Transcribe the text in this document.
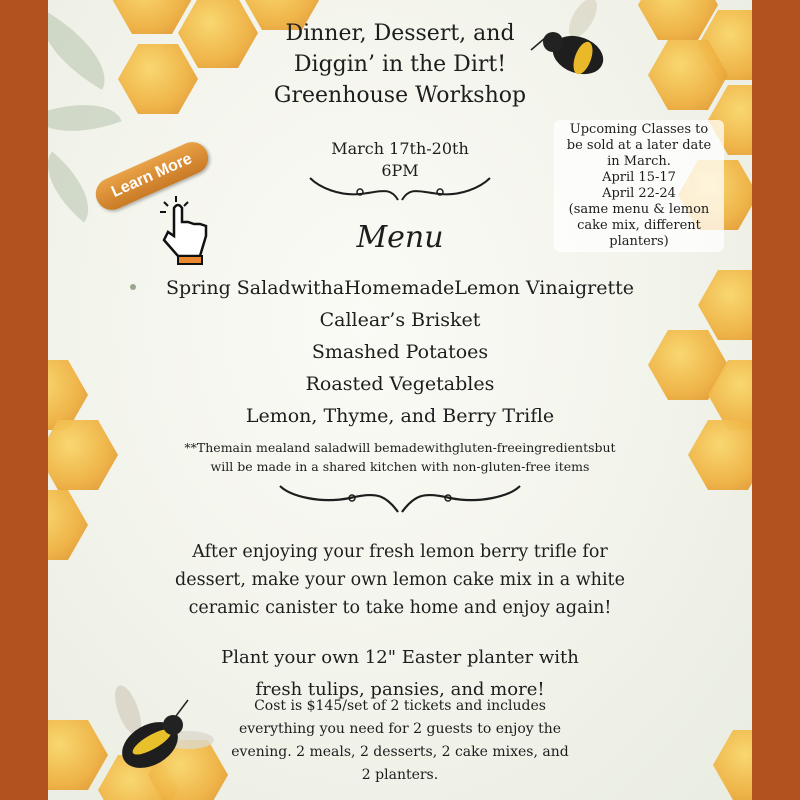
Dinner, Dessert, and
Diggin’ in the Dirt!
Greenhouse Workshop
March 17th-20th
6PM
Upcoming Classes to
be sold at a later date
in March.
April 15-17
April 22-24
(same menu & lemon
cake mix, different
planters)
Learn More
Menu
Spring SaladwithaHomemadeLemon Vinaigrette
Callear’s Brisket
Smashed Potatoes
Roasted Vegetables
Lemon, Thyme, and Berry Trifle
**Themain mealand saladwill bemadewithgluten-freeingredientsbut
will be made in a shared kitchen with non-gluten-free items
After enjoying your fresh lemon berry trifle for
dessert, make your own lemon cake mix in a white
ceramic canister to take home and enjoy again!
Plant your own 12" Easter planter with
fresh tulips, pansies, and more!
Cost is $145/set of 2 tickets and includes
everything you need for 2 guests to enjoy the
evening. 2 meals, 2 desserts, 2 cake mixes, and
2 planters.
